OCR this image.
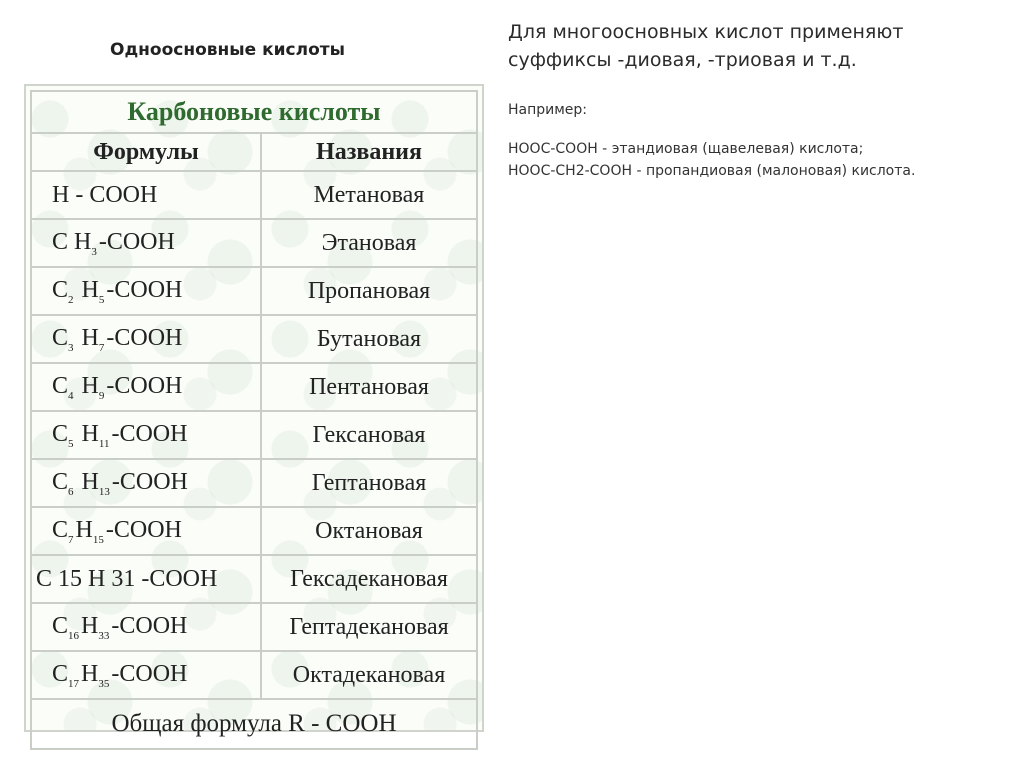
Одноосновные кислоты
Для многоосновных кислот применяют суффиксы -диовая, -триовая и т.д.
Например:
HOOC-COOH - этандиовая (щавелевая) кислота;
HOOC-CH2-COOH - пропандиовая (малоновая) кислота.
Карбоновые кислоты	
Формулы	Названия
H - COOH	Метановая
C $H_3$-COOH	Этановая
$C_2$ $H_5$-COOH	Пропановая
$C_3$ $H_7$-COOH	Бутановая
$C_4$ $H_9$-COOH	Пентановая
$C_5$ $H_{11}$-COOH	Гексановая
$C_6$ $H_{13}$-COOH	Гептановая
$C_7H_{15}$-COOH	Октановая
C 15 H 31 -COOH	Гексадекановая
$C_{16}H_{33}$-COOH	Гептадекановая
$C_{17}H_{35}$-COOH	Октадекановая
Общая формула R - COOH	
